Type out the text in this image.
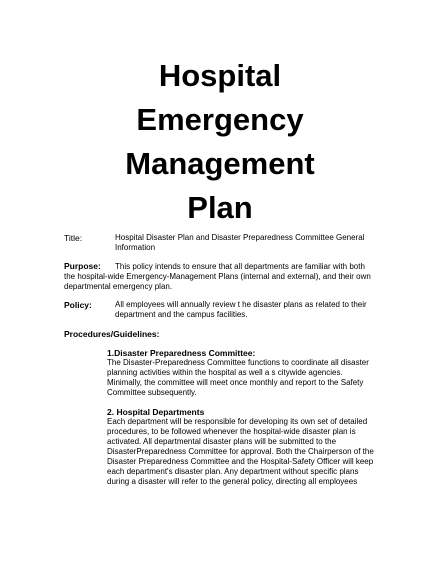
Hospital
Emergency
Management
Plan
Title:	Hospital Disaster Plan and Disaster Preparedness Committee General Information
Purpose: This policy intends to ensure that all departments are familiar with both the hospital-wide Emergency-Management Plans (internal and external), and their own departmental emergency plan.
Policy:	All employees will annually review t he disaster plans as related to their department and the campus facilities.
Procedures/Guidelines:
1.Disaster Preparedness Committee:
The Disaster-Preparedness Committee functions to coordinate all disaster planning activities within the hospital as well a s citywide agencies. Minimally, the committee will meet once monthly and report to the Safety Committee subsequently.
2. Hospital Departments
Each department will be responsible for developing its own set of detailed procedures, to be followed whenever the hospital-wide disaster plan is activated. All departmental disaster plans will be submitted to the DisasterPreparedness Committee for approval. Both the Chairperson of the Disaster Preparedness Committee and the Hospital-Safety Officer will keep each department's disaster plan. Any department without specific plans during a disaster will refer to the general policy, directing all employees
